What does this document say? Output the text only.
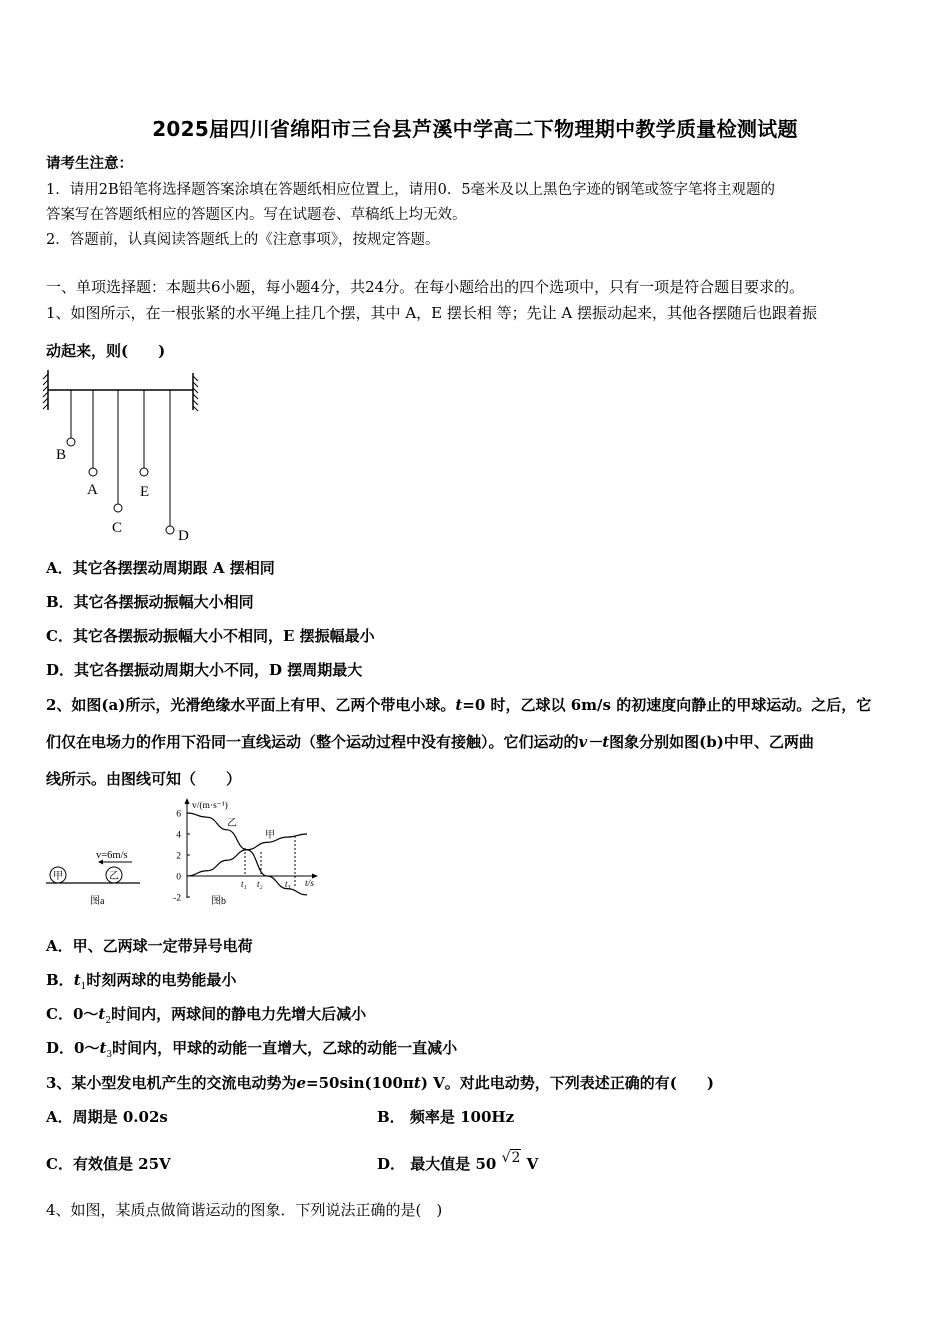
2025届四川省绵阳市三台县芦溪中学高二下物理期中教学质量检测试题
请考生注意：
1．请用2B铅笔将选择题答案涂填在答题纸相应位置上，请用0．5毫米及以上黑色字迹的钢笔或签字笔将主观题的
答案写在答题纸相应的答题区内。写在试题卷、草稿纸上均无效。
2．答题前，认真阅读答题纸上的《注意事项》，按规定答题。
一、单项选择题：本题共6小题，每小题4分，共24分。在每小题给出的四个选项中，只有一项是符合题目要求的。
1、如图所示，在一根张紧的水平绳上挂几个摆，其中 A，E 摆长相 等；先让 A 摆振动起来，其他各摆随后也跟着振
动起来，则(　　)
B
A
C
E
D
A．其它各摆摆动周期跟 A 摆相同
B．其它各摆振动振幅大小相同
C．其它各摆振动振幅大小不相同，E 摆振幅最小
D．其它各摆振动周期大小不同，D 摆周期最大
2、如图(a)所示，光滑绝缘水平面上有甲、乙两个带电小球。t=0 时，乙球以 6m/s 的初速度向静止的甲球运动。之后，它
们仅在电场力的作用下沿同一直线运动（整个运动过程中没有接触）。它们运动的v－t图象分别如图(b)中甲、乙两曲
线所示。由图线可知（　　）
甲	乙
v=6m/s
图a
v/(m·s⁻¹)
t/s
6
4
2
0
-2
甲
乙
t₁ t₂ t₃
图b
A．甲、乙两球一定带异号电荷
B．$t_1$时刻两球的电势能最小
C．$0\sim t_2$时间内，两球间的静电力先增大后减小
D．$0\sim t_3$时间内，甲球的动能一直增大，乙球的动能一直减小
3、某小型发电机产生的交流电动势为e=50sin(100πt) V。对此电动势，下列表述正确的有(　　)
A．周期是 0.02s	B． 频率是 100Hz
C．有效值是 25V	D． 最大值是 50 √2 V
4、如图，某质点做简谐运动的图象．下列说法正确的是(　)
